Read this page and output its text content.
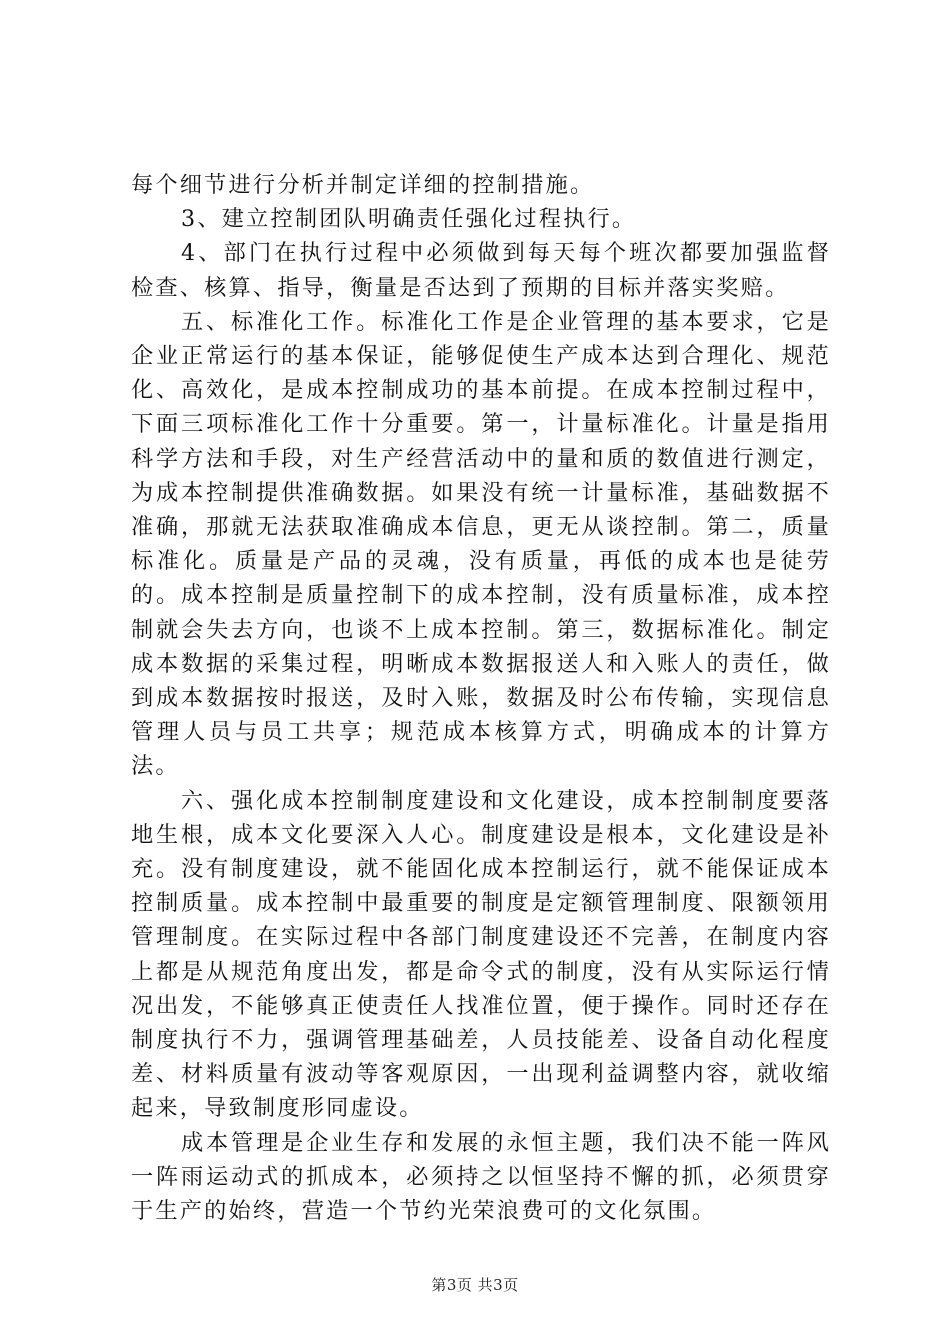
每个细节进行分析并制定详细的控制措施。

3、建立控制团队明确责任强化过程执行。

4、部门在执行过程中必须做到每天每个班次都要加强监督检查、核算、指导，衡量是否达到了预期的目标并落实奖赔。

五、标准化工作。标准化工作是企业管理的基本要求，它是企业正常运行的基本保证，能够促使生产成本达到合理化、规范化、高效化，是成本控制成功的基本前提。在成本控制过程中，下面三项标准化工作十分重要。第一，计量标准化。计量是指用科学方法和手段，对生产经营活动中的量和质的数值进行测定，为成本控制提供准确数据。如果没有统一计量标准，基础数据不准确，那就无法获取准确成本信息，更无从谈控制。第二，质量标准化。质量是产品的灵魂，没有质量，再低的成本也是徒劳的。成本控制是质量控制下的成本控制，没有质量标准，成本控制就会失去方向，也谈不上成本控制。第三，数据标准化。制定成本数据的采集过程，明晰成本数据报送人和入账人的责任，做到成本数据按时报送，及时入账，数据及时公布传输，实现信息管理人员与员工共享；规范成本核算方式，明确成本的计算方法。

六、强化成本控制制度建设和文化建设，成本控制制度要落地生根，成本文化要深入人心。制度建设是根本，文化建设是补充。没有制度建设，就不能固化成本控制运行，就不能保证成本控制质量。成本控制中最重要的制度是定额管理制度、限额领用管理制度。在实际过程中各部门制度建设还不完善，在制度内容上都是从规范角度出发，都是命令式的制度，没有从实际运行情况出发，不能够真正使责任人找准位置，便于操作。同时还存在制度执行不力，强调管理基础差，人员技能差、设备自动化程度差、材料质量有波动等客观原因，一出现利益调整内容，就收缩起来，导致制度形同虚设。

成本管理是企业生存和发展的永恒主题，我们决不能一阵风一阵雨运动式的抓成本，必须持之以恒坚持不懈的抓，必须贯穿于生产的始终，营造一个节约光荣浪费可的文化氛围。

第3页 共3页
